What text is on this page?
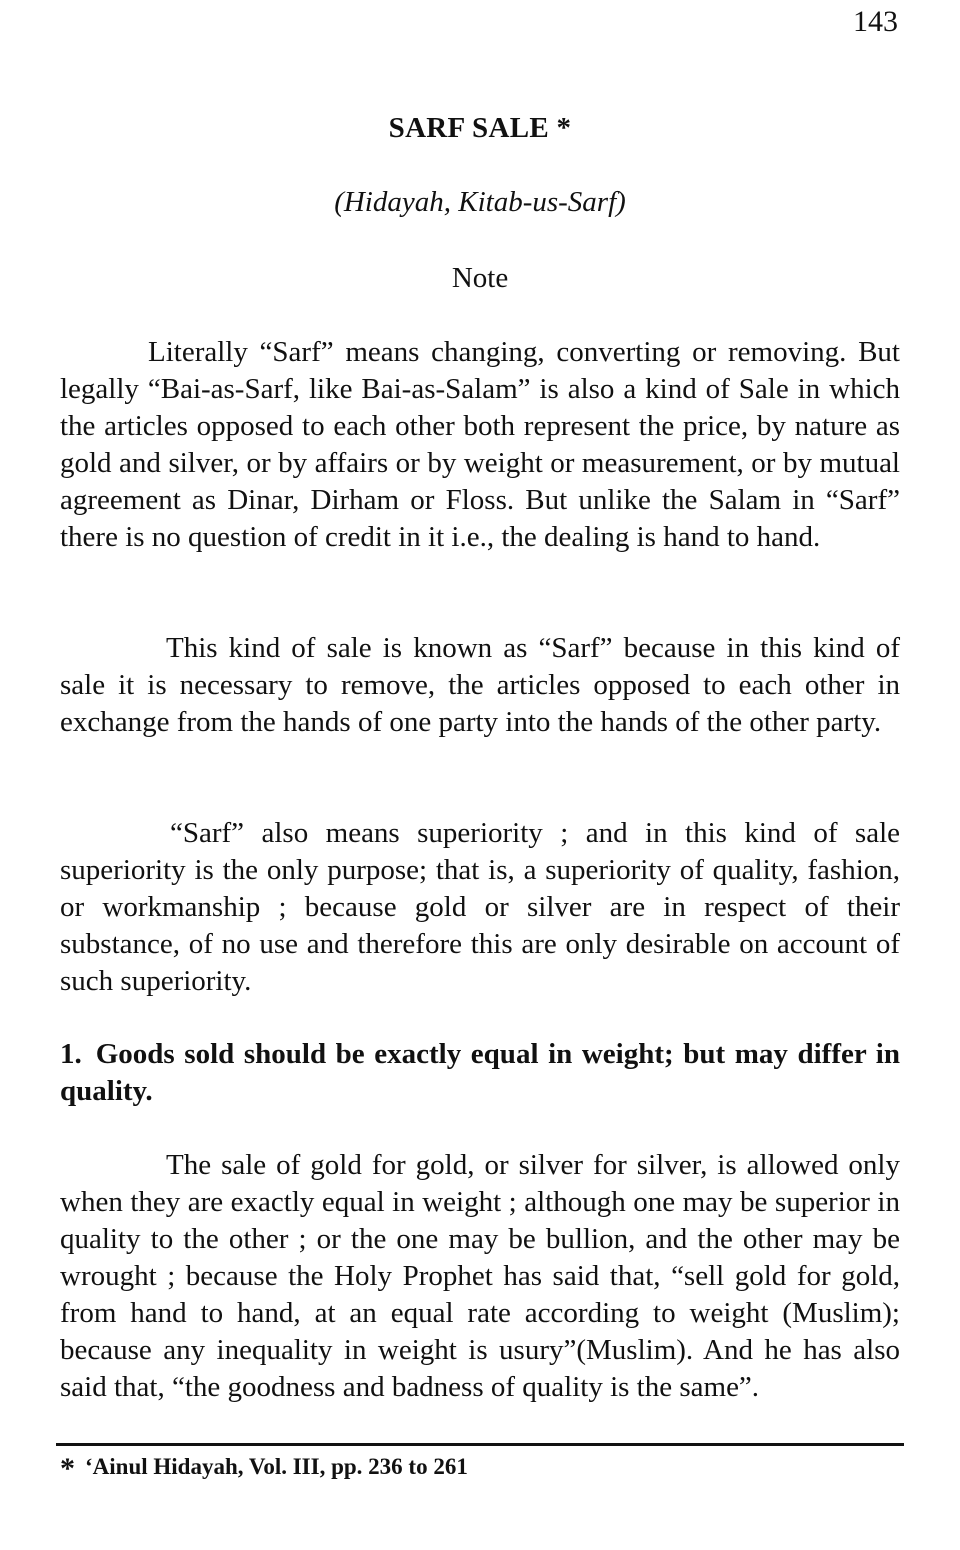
143
SARF SALE *
(Hidayah, Kitab-us-Sarf)
Note

Literally “Sarf” means changing, converting or removing. But legally “Bai-as-Sarf, like Bai-as-Salam” is also a kind of Sale in which the articles opposed to each other both represent the price, by nature as gold and silver, or by affairs or by weight or measurement, or by mutual agreement as Dinar, Dirham or Floss. But unlike the Salam in “Sarf” there is no question of credit in it i.e., the dealing is hand to hand.

This kind of sale is known as “Sarf” because in this kind of sale it is necessary to remove, the articles opposed to each other in exchange from the hands of one party into the hands of the other party.

“Sarf” also means superiority ; and in this kind of sale superiority is the only purpose; that is, a superiority of quality, fashion, or workmanship ; because gold or silver are in respect of their substance, of no use and therefore this are only desirable on account of such superiority.

1. Goods sold should be exactly equal in weight; but may differ in quality.

The sale of gold for gold, or silver for silver, is allowed only when they are exactly equal in weight ; although one may be superior in quality to the other ; or the one may be bullion, and the other may be wrought ; because the Holy Prophet has said that, “sell gold for gold, from hand to hand, at an equal rate according to weight (Muslim); because any inequality in weight is usury”(Muslim). And he has also said that, “the goodness and badness of quality is the same”.

* ‘Ainul Hidayah, Vol. III, pp. 236 to 261
